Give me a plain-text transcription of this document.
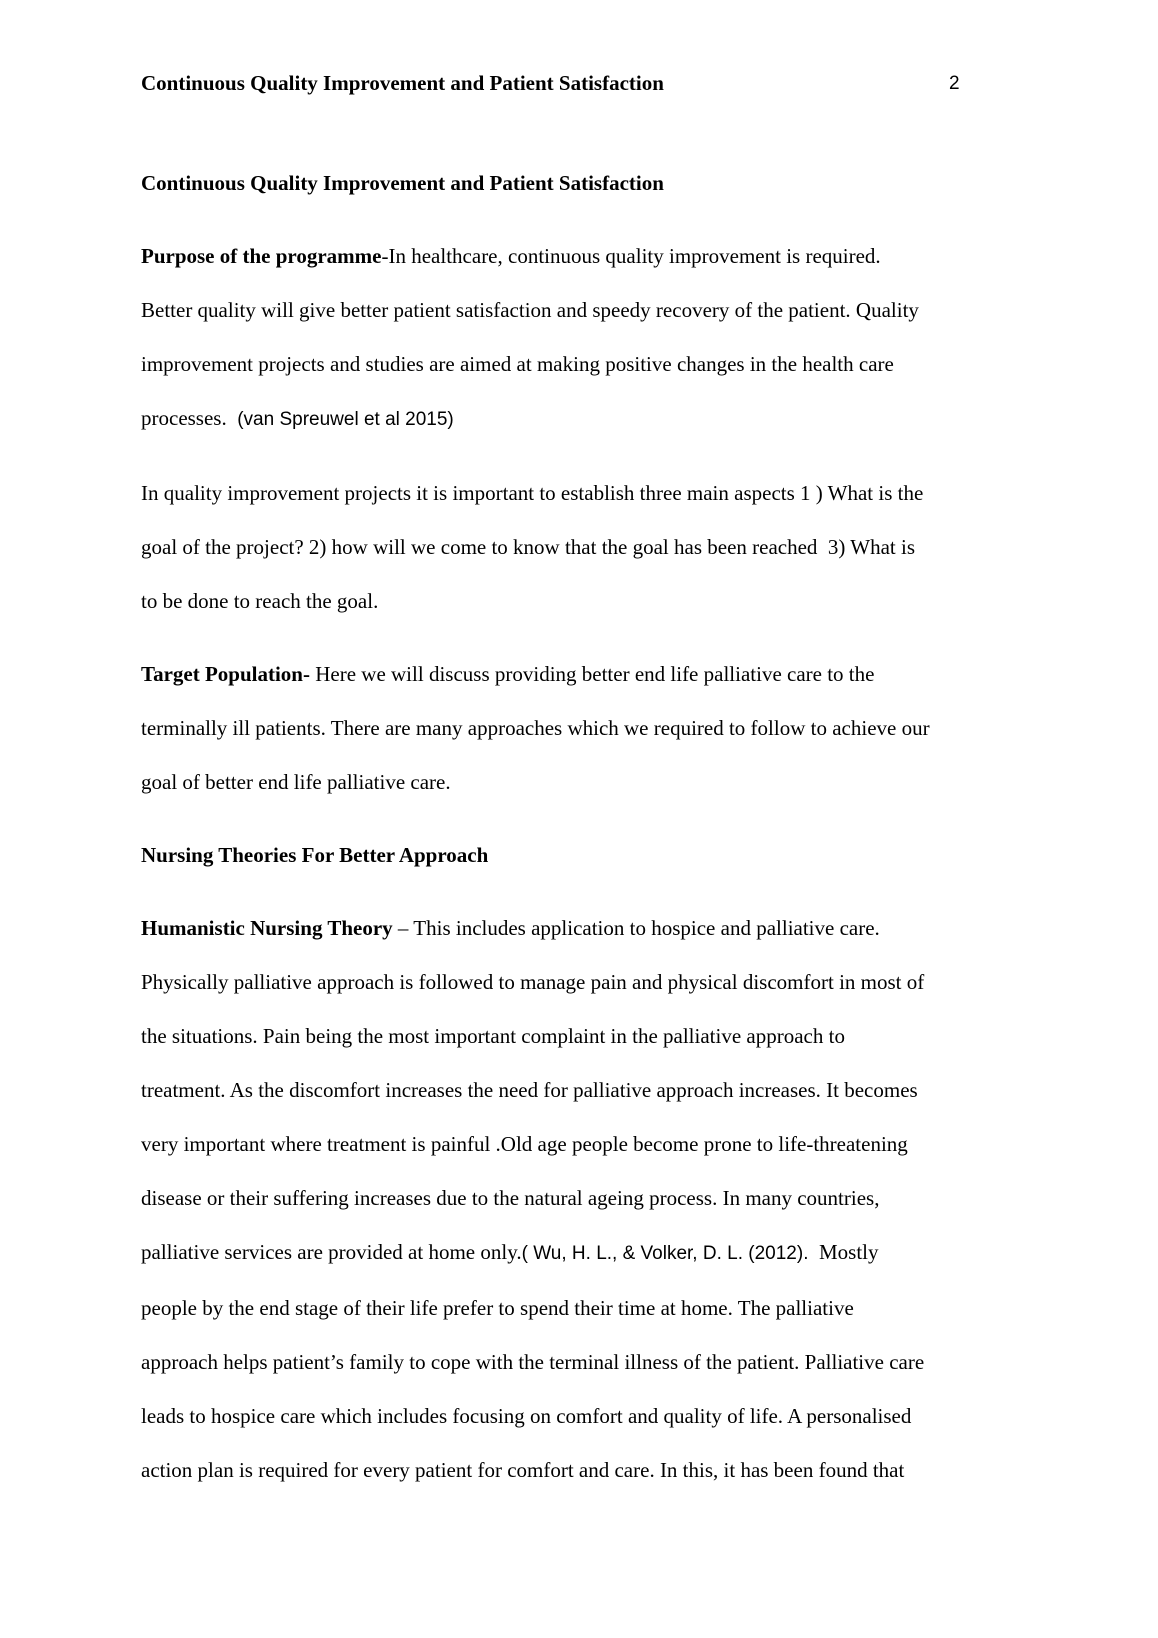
Continuous Quality Improvement and Patient Satisfaction	2
Continuous Quality Improvement and Patient Satisfaction
Purpose of the programme-In healthcare, continuous quality improvement is required.
Better quality will give better patient satisfaction and speedy recovery of the patient. Quality
improvement projects and studies are aimed at making positive changes in the health care
processes.  (van Spreuwel et al 2015)
In quality improvement projects it is important to establish three main aspects 1 ) What is the
goal of the project? 2) how will we come to know that the goal has been reached  3) What is
to be done to reach the goal.
Target Population- Here we will discuss providing better end life palliative care to the
terminally ill patients. There are many approaches which we required to follow to achieve our
goal of better end life palliative care.
Nursing Theories For Better Approach
Humanistic Nursing Theory – This includes application to hospice and palliative care.
Physically palliative approach is followed to manage pain and physical discomfort in most of
the situations. Pain being the most important complaint in the palliative approach to
treatment. As the discomfort increases the need for palliative approach increases. It becomes
very important where treatment is painful .Old age people become prone to life-threatening
disease or their suffering increases due to the natural ageing process. In many countries,
palliative services are provided at home only.( Wu, H. L., & Volker, D. L. (2012).  Mostly
people by the end stage of their life prefer to spend their time at home. The palliative
approach helps patient’s family to cope with the terminal illness of the patient. Palliative care
leads to hospice care which includes focusing on comfort and quality of life. A personalised
action plan is required for every patient for comfort and care. In this, it has been found that
